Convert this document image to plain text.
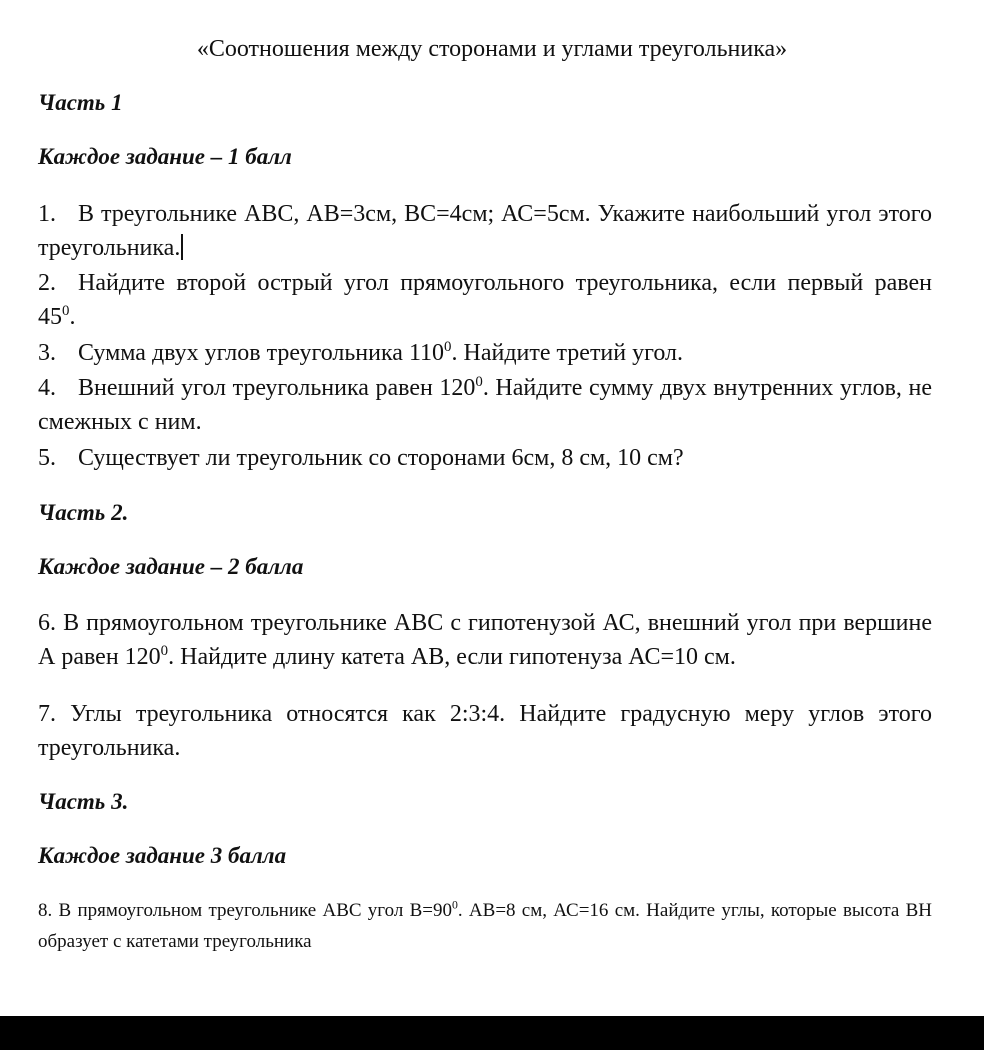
«Соотношения между сторонами и углами треугольника»
Часть 1
Каждое задание – 1 балл
1. В треугольнике АВС, АВ=3см, ВС=4см; АС=5см. Укажите наибольший угол этого треугольника.
2. Найдите второй острый угол прямоугольного треугольника, если первый равен $45^0$.
3. Сумма двух углов треугольника $110^0$. Найдите третий угол.
4. Внешний угол треугольника равен $120^0$. Найдите сумму двух внутренних углов, не смежных с ним.
5. Существует ли треугольник со сторонами 6см, 8 см, 10 см?
Часть 2.
Каждое задание – 2 балла
6. В прямоугольном треугольнике АВС с гипотенузой АС, внешний угол при вершине А равен $120^0$. Найдите длину катета АВ, если гипотенуза АС=10 см.
7. Углы треугольника относятся как 2:3:4. Найдите градусную меру углов этого треугольника.
Часть 3.
Каждое задание 3 балла
8. В прямоугольном треугольнике АВС угол $В=90^0$. АВ=8 см, АС=16 см. Найдите углы, которые высота ВН образует с катетами треугольника
